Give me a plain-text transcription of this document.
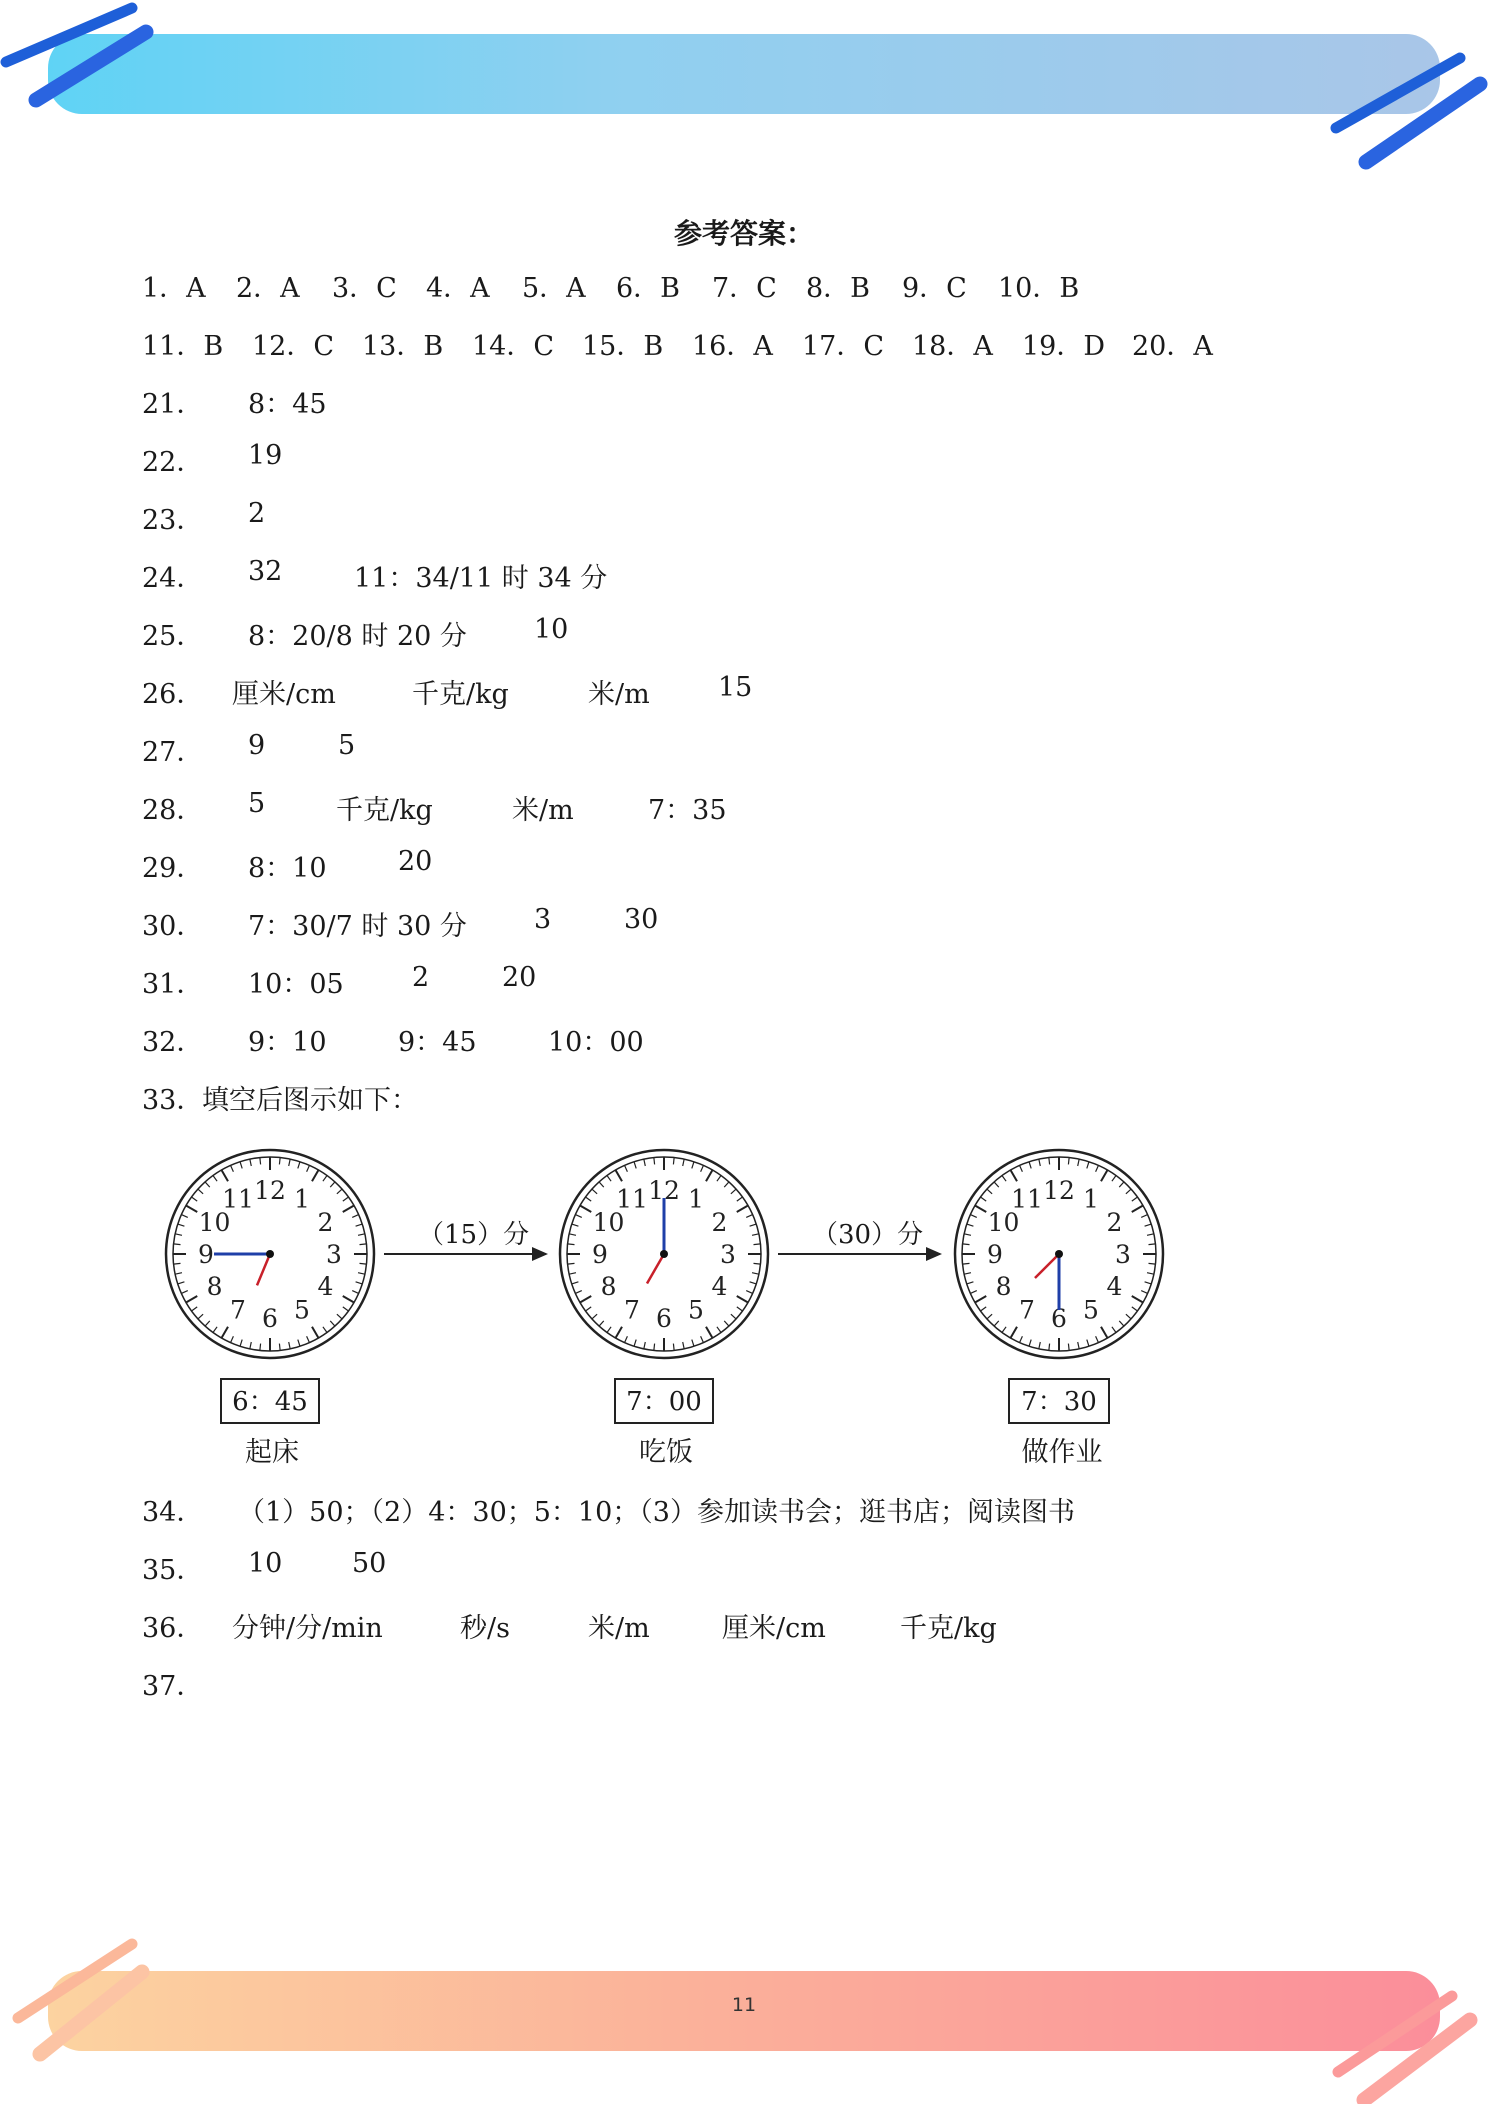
11
参考答案：
1．A 2．A 3．C 4．A 5．A 6．B 7．C 8．B 9．C 10．B
11．B 12．C 13．B 14．C 15．B 16．A 17．C 18．A 19．D 20．A
21． 8：45
22． 19
23． 2
24． 32	11：34/11 时 34 分
25． 8：20/8 时 20 分 10
26． 厘米/cm	千克/kg	米/m	15
27． 9	5
28． 5	千克/kg	米/m	7：35
29． 8：10	20
30． 7：30/7 时 30 分 3	30
31． 10：05	2	20
32． 9：10	9：45	10：00
33．
填空后图示如下：
12 1
2
3
4
5
6
7
8
9
10
11	12 1
2
3
4
5
6
7
8
9
10
11	12 1
2
3
4
5
6
7
8
9
10
11
（15）分	（30）分
6：45	7：00	7：30
起床	吃饭	做作业
34． （1）50；（2）4：30；5：10；（3）参加读书会；逛书店；阅读图书
35． 10	50
36． 分钟/分/min	秒/s	米/m	厘米/cm	千克/kg
37．
